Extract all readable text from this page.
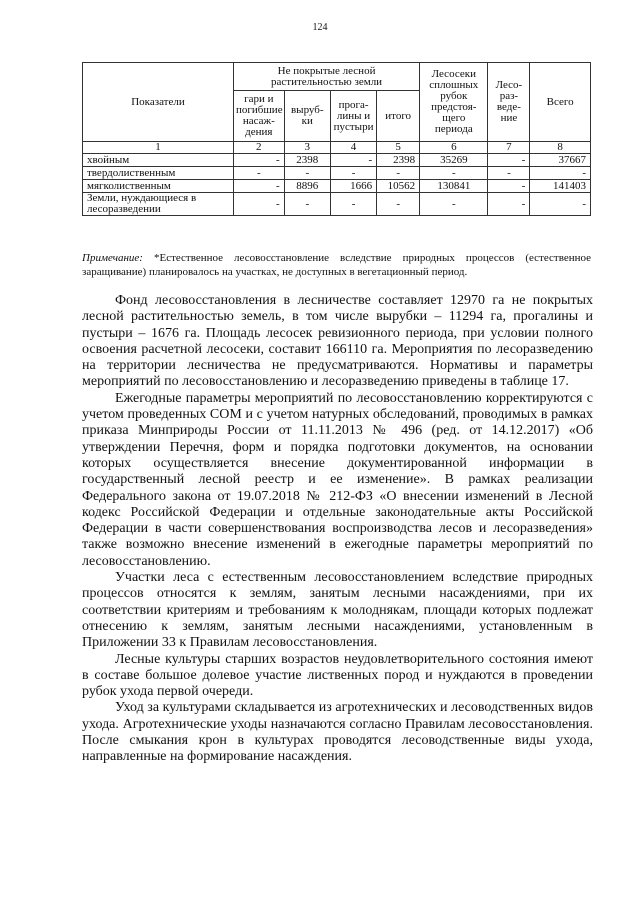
124
Показатели	Не покрытые лесной растительностью земли				Лесосеки сплошных рубок предстоя-щего периода	Лесо-раз-веде-ние	Всего
	гари и погибшие насаж-дения	выруб-ки	прога-лины и пустыри	итого			
1	2	3	4	5	6	7	8
хвойным	-	2398	-	2398	35269	-	37667
твердолиственным	-	-	-	-	-	-	-
мягколиственным	-	8896	1666	10562	130841	-	141403
Земли, нуждающиеся в лесоразведении	-	-	-	-	-	-	-
Примечание: *Естественное лесовосстановление вследствие природных процессов (естественное заращивание) планировалось на участках, не доступных в вегетационный период.

Фонд лесовосстановления в лесничестве составляет 12970 га не покрытых лесной растительностью земель, в том числе вырубки – 11294 га, прогалины и пустыри – 1676 га. Площадь лесосек ревизионного периода, при условии полного освоения расчетной лесосеки, составит 166110 га. Мероприятия по лесоразведению на территории лесничества не предусматриваются. Нормативы и параметры мероприятий по лесовосстановлению и лесоразведению приведены в таблице 17.

Ежегодные параметры мероприятий по лесовосстановлению корректируются с учетом проведенных СОМ и с учетом натурных обследований, проводимых в рамках приказа Минприроды России от 11.11.2013 № 496 (ред. от 14.12.2017) «Об утверждении Перечня, форм и порядка подготовки документов, на основании которых осуществляется внесение документированной информации в государственный лесной реестр и ее изменение». В рамках реализации Федерального закона от 19.07.2018 № 212-ФЗ «О внесении изменений в Лесной кодекс Российской Федерации и отдельные законодательные акты Российской Федерации в части совершенствования воспроизводства лесов и лесоразведения» также возможно внесение изменений в ежегодные параметры мероприятий по лесовосстановлению.

Участки леса с естественным лесовосстановлением вследствие природных процессов относятся к землям, занятым лесными насаждениями, при их соответствии критериям и требованиям к молоднякам, площади которых подлежат отнесению к землям, занятым лесными насаждениями, установленным в Приложении 33 к Правилам лесовосстановления.

Лесные культуры старших возрастов неудовлетворительного состояния имеют в составе большое долевое участие лиственных пород и нуждаются в проведении рубок ухода первой очереди.

Уход за культурами складывается из агротехнических и лесоводственных видов ухода. Агротехнические уходы назначаются согласно Правилам лесовосстановления. После смыкания крон в культурах проводятся лесоводственные виды ухода, направленные на формирование насаждения.
